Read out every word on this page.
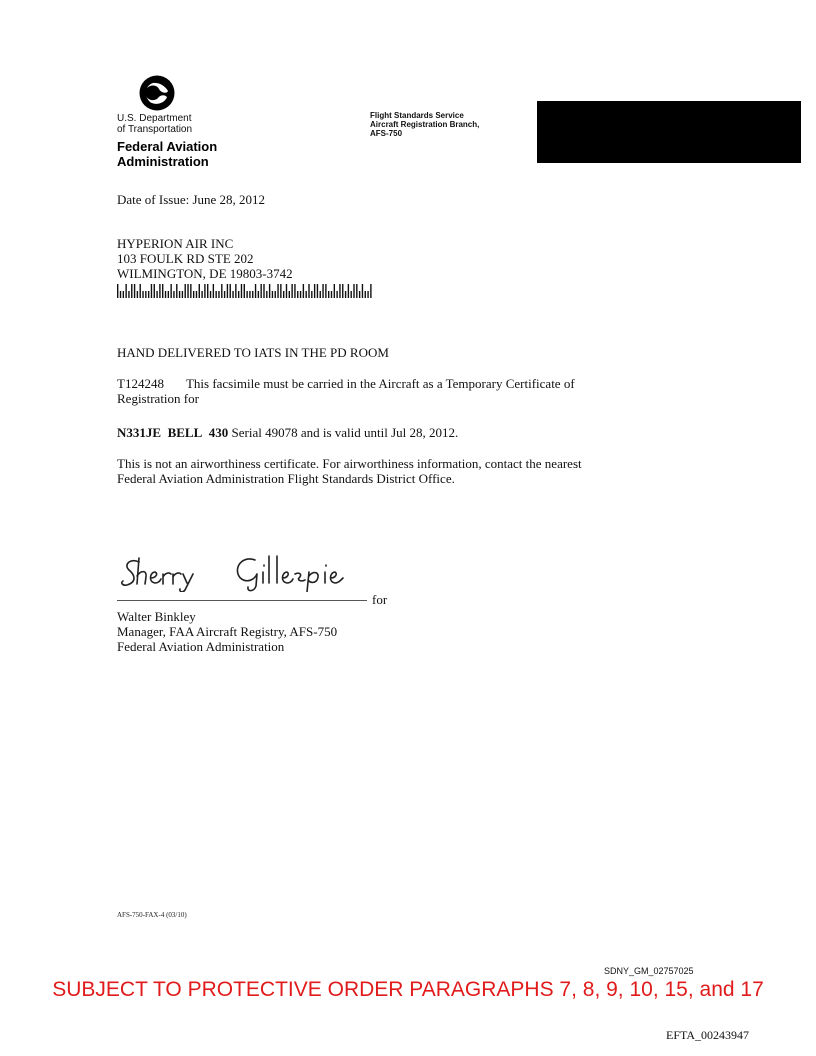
U.S. Department
of Transportation
Federal Aviation
Administration
Flight Standards Service
Aircraft Registration Branch,
AFS-750
Date of Issue: June 28, 2012
HYPERION AIR INC
103 FOULK RD STE 202
WILMINGTON, DE 19803-3742
HAND DELIVERED TO IATS IN THE PD ROOM
T124248 This facsimile must be carried in the Aircraft as a Temporary Certificate of
Registration for
N331JE BELL 430 Serial 49078 and is valid until Jul 28, 2012.
This is not an airworthiness certificate. For airworthiness information, contact the nearest
Federal Aviation Administration Flight Standards District Office.
for
Walter Binkley
Manager, FAA Aircraft Registry, AFS-750
Federal Aviation Administration
AFS-750-FAX-4 (03/10)
SDNY_GM_02757025
SUBJECT TO PROTECTIVE ORDER PARAGRAPHS 7, 8, 9, 10, 15, and 17
EFTA_00243947
